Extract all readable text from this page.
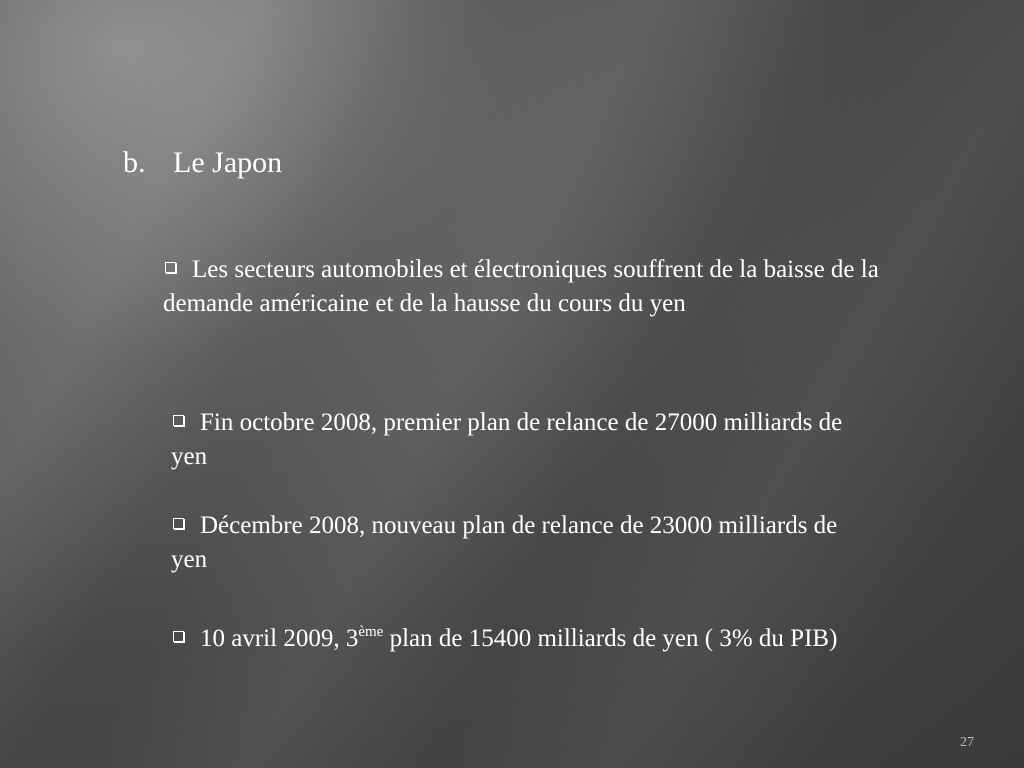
b. Le Japon
Les secteurs automobiles et électroniques souffrent de la baisse de la demande américaine et de la hausse du cours du yen
Fin octobre 2008, premier plan de relance de 27000 milliards de yen
Décembre 2008, nouveau plan de relance de 23000 milliards de yen
10 avril 2009, 3ème plan de 15400 milliards de yen ( 3% du PIB)
27
